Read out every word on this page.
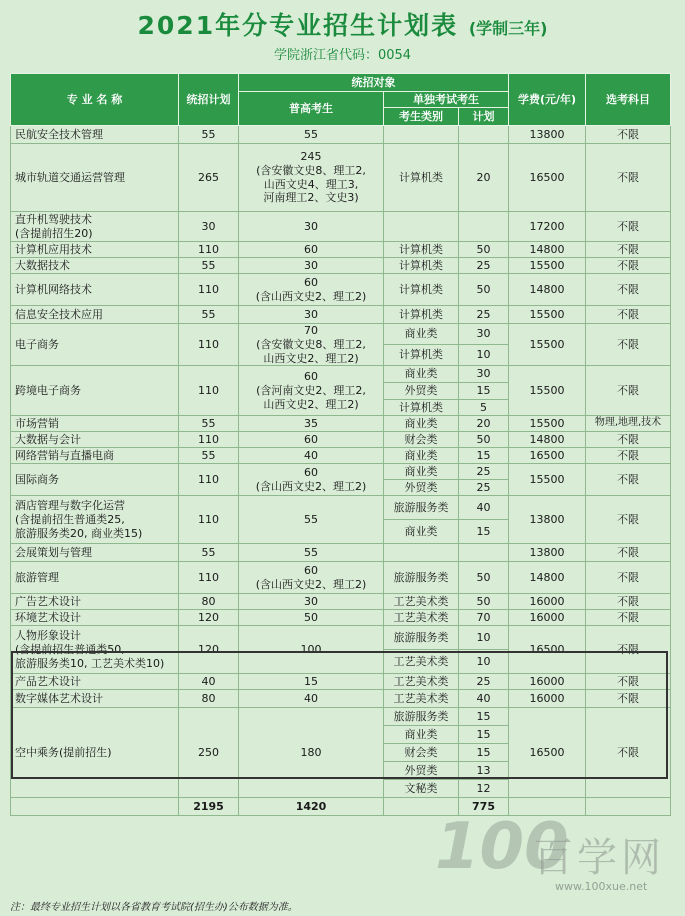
2021年分专业招生计划表 (学制三年)
学院浙江省代码：0054
专 业 名 称	统招计划	统招对象			学费(元/年)	选考科目
		普高考生	单独考试考生			
			考生类别	计划		
民航安全技术管理	55	55			13800	不限
城市轨道交通运营管理	265	245
(含安徽文史8、理工2,
山西文史4、理工3,
河南理工2、文史3)	计算机类	20	16500	不限
直升机驾驶技术
(含提前招生20)	30	30			17200	不限
计算机应用技术	110	60	计算机类	50	14800	不限
大数据技术	55	30	计算机类	25	15500	不限
计算机网络技术	110	60
(含山西文史2、理工2)	计算机类	50	14800	不限
信息安全技术应用	55	30	计算机类	25	15500	不限
电子商务	110	70
(含安徽文史8、理工2,
山西文史2、理工2)	商业类	30	15500	不限
			计算机类	10		
跨境电子商务	110	60
(含河南文史2、理工2,
山西文史2、理工2)	商业类	30	15500	不限
			外贸类	15		
			计算机类	5		
市场营销	55	35	商业类	20	15500	物理,地理,技术
大数据与会计	110	60	财会类	50	14800	不限
网络营销与直播电商	55	40	商业类	15	16500	不限
国际商务	110	60
(含山西文史2、理工2)	商业类	25	15500	不限
			外贸类	25		
酒店管理与数字化运营
(含提前招生普通类25,
旅游服务类20, 商业类15)	110	55	旅游服务类	40	13800	不限
			商业类	15		
会展策划与管理	55	55			13800	不限
旅游管理	110	60
(含山西文史2、理工2)	旅游服务类	50	14800	不限
广告艺术设计	80	30	工艺美术类	50	16000	不限
环境艺术设计	120	50	工艺美术类	70	16000	不限
人物形象设计
(含提前招生普通类50,
旅游服务类10, 工艺美术类10)	120	100	旅游服务类	10	16500	不限
			工艺美术类	10		
产品艺术设计	40	15	工艺美术类	25	16000	不限
数字媒体艺术设计	80	40	工艺美术类	40	16000	不限
空中乘务(提前招生)	250	180	旅游服务类	15	16500	不限
			商业类	15		
			财会类	15		
			外贸类	13		
			文秘类	12		
	2195	1420		775		
100
百学网
www.100xue.net
注：最终专业招生计划以各省教育考试院(招生办)公布数据为准。
